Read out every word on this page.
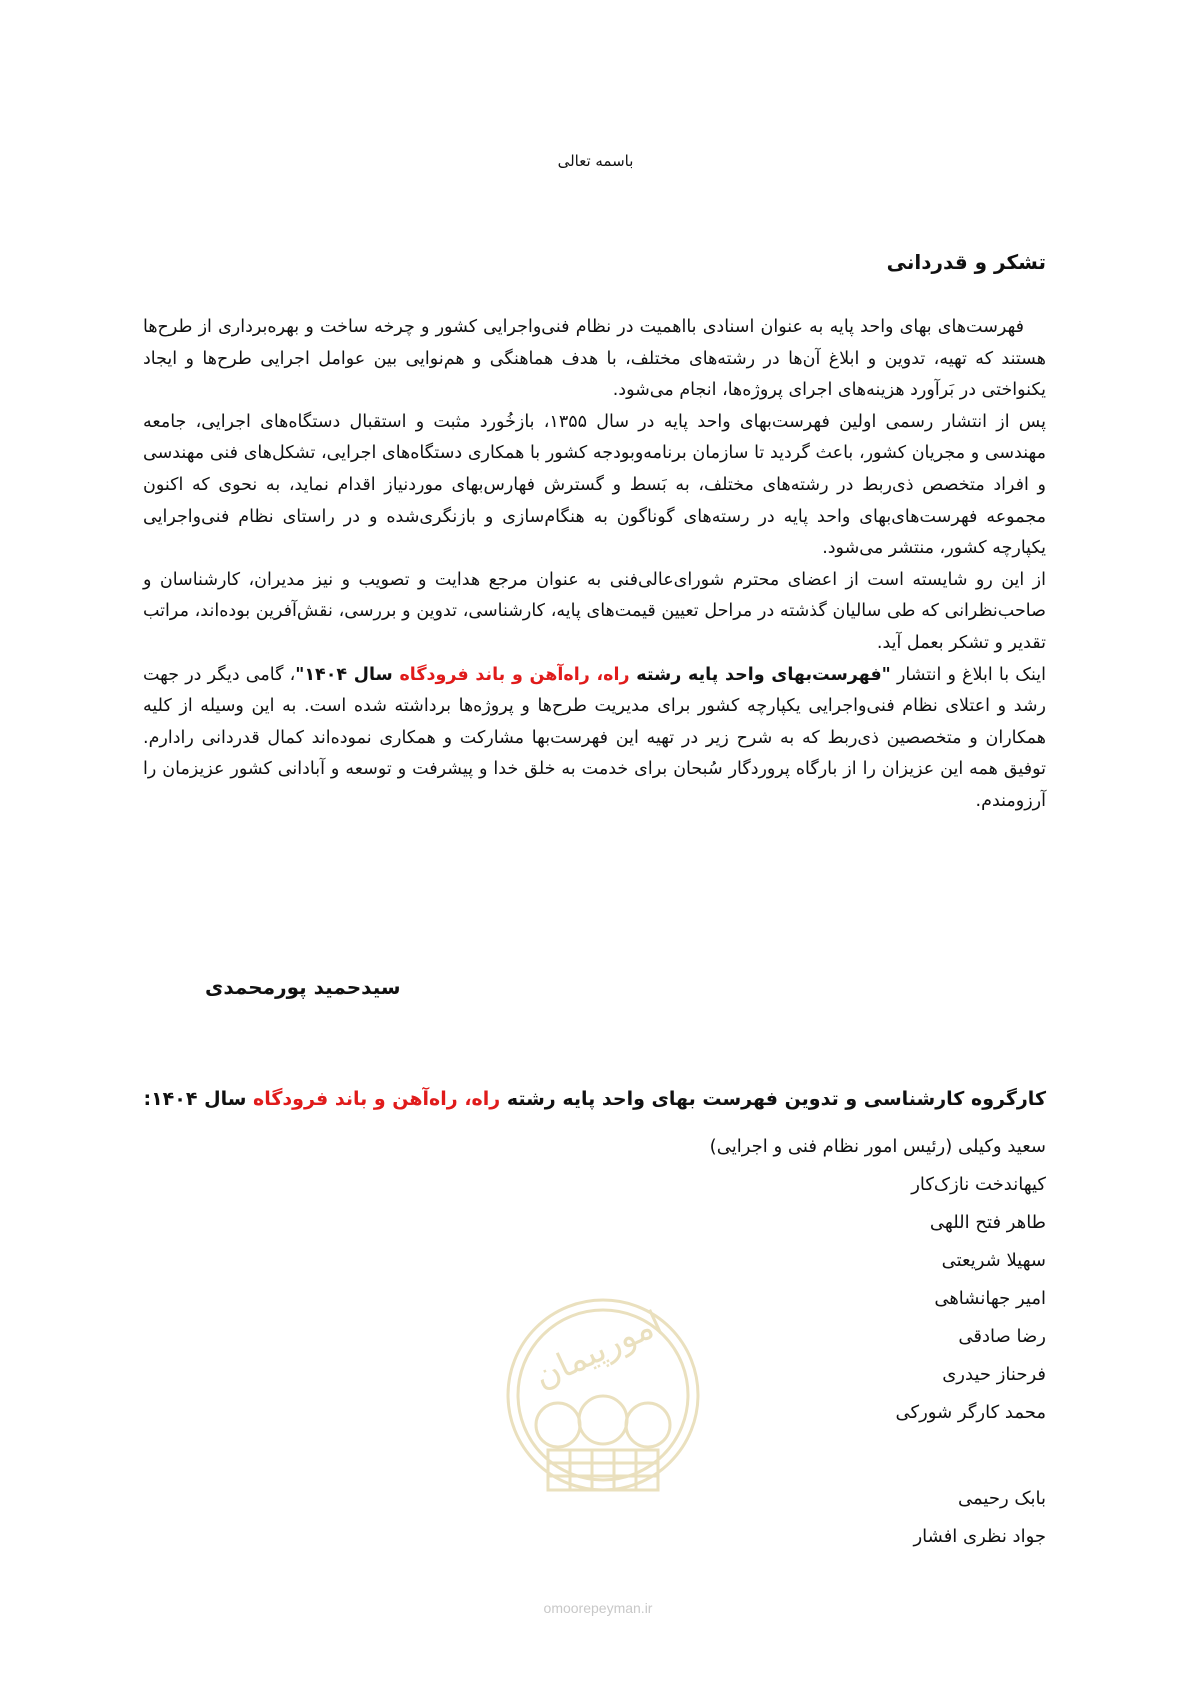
باسمه تعالی
تشکر و قدردانی

فهرست‌های بهای واحد پایه به عنوان اسنادی بااهمیت در نظام فنی‌واجرایی کشور و چرخه ساخت و بهره‌برداری از طرح‌ها هستند که تهیه، تدوین و ابلاغ آن‌ها در رشته‌های مختلف، با هدف هماهنگی و هم‌نوایی بین عوامل اجرایی طرح‌ها و ایجاد یکنواختی در بَرآورد هزینه‌های اجرای پروژه‌ها، انجام می‌شود.

پس از انتشار رسمی اولین فهرست‌بهای واحد پایه در سال ۱۳۵۵، بازخُورد مثبت و استقبال دستگاه‌های اجرایی، جامعه مهندسی و مجریان کشور، باعث گردید تا سازمان برنامه‌وبودجه کشور با همکاری دستگاه‌های اجرایی، تشکل‌های فنی مهندسی و افراد متخصص ذی‌ربط در رشته‌های مختلف، به بَسط و گسترش فهارس‌بهای موردنیاز اقدام نماید، به نحوی که اکنون مجموعه فهرست‌های‌بهای واحد پایه در رسته‌های گوناگون به هنگام‌سازی و بازنگری‌شده و در راستای نظام فنی‌واجرایی یکپارچه کشور، منتشر می‌شود.

از این رو شایسته است از اعضای محترم شورای‌عالی‌فنی به عنوان مرجع هدایت و تصویب و نیز مدیران، کارشناسان و صاحب‌نظرانی که طی سالیان گذشته در مراحل تعیین قیمت‌های پایه، کارشناسی، تدوین و بررسی، نقش‌آفرین بوده‌اند، مراتب تقدیر و تشکر بعمل آید.

اینک با ابلاغ و انتشار "فهرست‌بهای واحد پایه رشته راه، راه‌آهن و باند فرودگاه سال ۱۴۰۴"، گامی دیگر در جهت رشد و اعتلای نظام فنی‌واجرایی یکپارچه کشور برای مدیریت طرح‌ها و پروژه‌ها برداشته شده است. به این وسیله از کلیه همکاران و متخصصین ذی‌ربط که به شرح زیر در تهیه این فهرست‌بها مشارکت و همکاری نموده‌اند کمال قدردانی رادارم. توفیق همه این عزیزان را از بارگاه پروردگار سُبحان برای خدمت به خلق خدا و پیشرفت و توسعه و آبادانی کشور عزیزمان را آرزومندم.

سیدحمید پورمحمدی
کارگروه کارشناسی و تدوین فهرست بهای واحد پایه رشته راه، راه‌آهن و باند فرودگاه سال ۱۴۰۴:
سعید وکیلی (رئیس امور نظام فنی و اجرایی)
کیهاندخت نازک‌کار
طاهر فتح اللهی
سهیلا شریعتی
امیر جهانشاهی
رضا صادقی
فرحناز حیدری
محمد کارگر شورکی
بابک رحیمی
جواد نظری افشار
امورپیمان
omoorepeyman.ir
